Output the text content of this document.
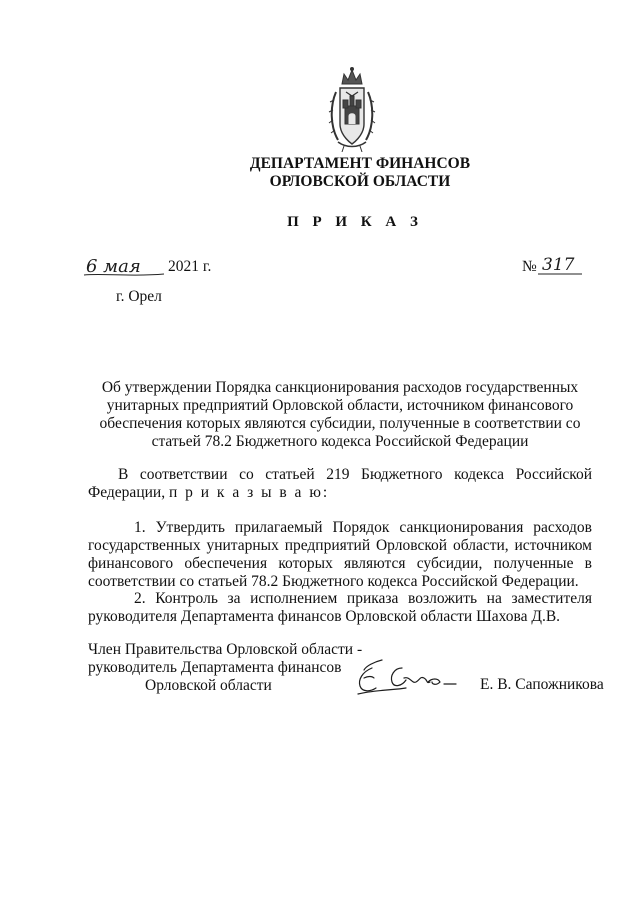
ДЕПАРТАМЕНТ ФИНАНСОВ
ОРЛОВСКОЙ ОБЛАСТИ
П Р И К А З
6 мая 2021 г.	№ 317
г. Орел
Об утверждении Порядка санкционирования расходов государственных
унитарных предприятий Орловской области, источником финансового
обеспечения которых являются субсидии, полученные в соответствии со
статьей 78.2 Бюджетного кодекса Российской Федерации
В соответствии со статьей 219 Бюджетного кодекса Российской
Федерации, п р и к а з ы в а ю:
1. Утвердить прилагаемый Порядок санкционирования расходов
государственных унитарных предприятий Орловской области, источником
финансового обеспечения которых являются субсидии, полученные в
соответствии со статьей 78.2 Бюджетного кодекса Российской Федерации.
2. Контроль за исполнением приказа возложить на заместителя
руководителя Департамента финансов Орловской области Шахова Д.В.
Член Правительства Орловской области -
руководитель Департамента финансов
Орловской области	Е. В. Сапожникова
